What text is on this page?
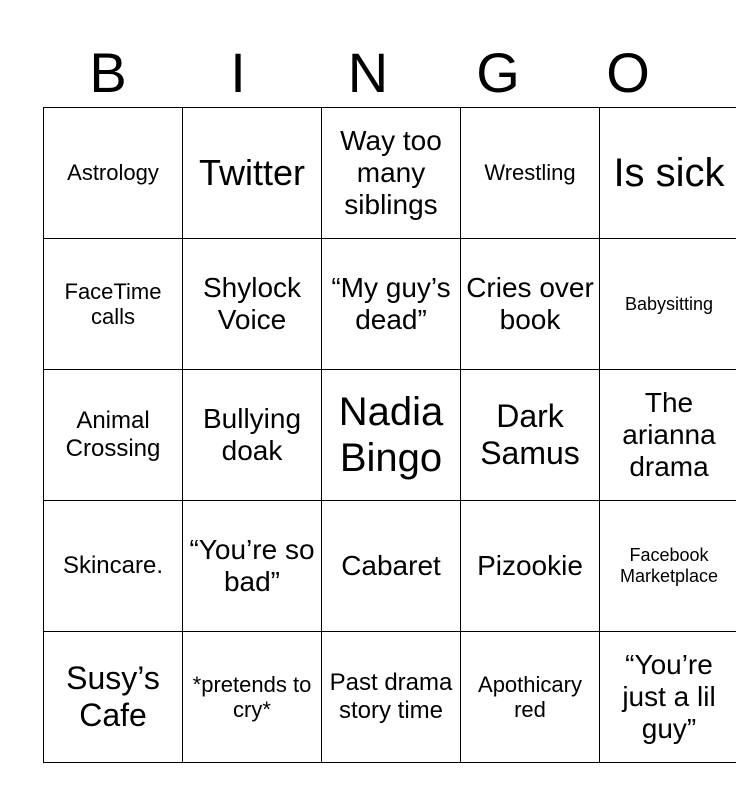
B	I	N	G	O
Astrology	Twitter	Way too many siblings	Wrestling	Is sick
FaceTime calls	Shylock Voice	“My guy’s dead”	Cries over book	Babysitting
Animal Crossing	Bullying doak	Nadia Bingo	Dark Samus	The arianna drama
Skincare.	“You’re so bad”	Cabaret	Pizookie	Facebook Marketplace
Susy’s Cafe	*pretends to cry*	Past drama story time	Apothicary red	“You’re just a lil guy”
